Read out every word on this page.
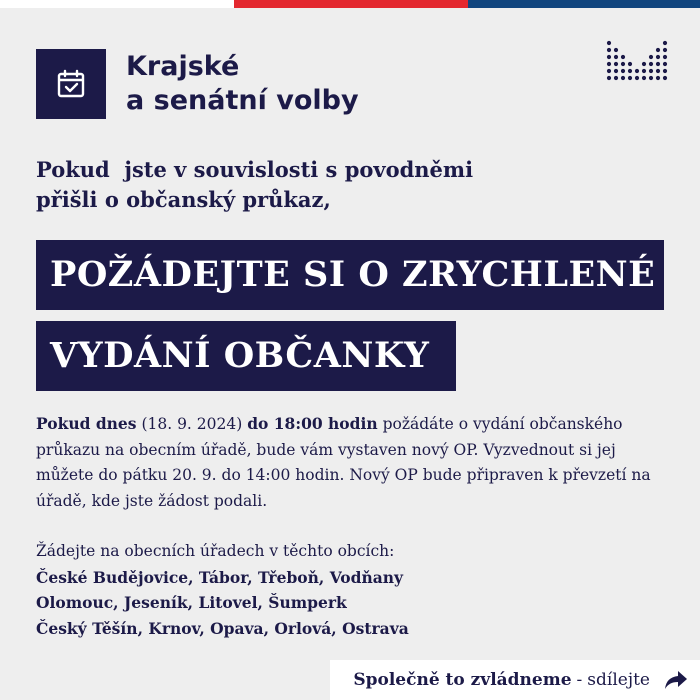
Krajské
a senátní volby
Pokud  jste v souvislosti s povodněmi
přišli o občanský průkaz,
POŽÁDEJTE SI O ZRYCHLENÉ
VYDÁNÍ OBČANKY
Pokud dnes (18. 9. 2024) do 18:00 hodin požádáte o vydání občanského průkazu na obecním úřadě, bude vám vystaven nový OP. Vyzvednout si jej můžete do pátku 20. 9. do 14:00 hodin. Nový OP bude připraven k převzetí na úřadě, kde jste žádost podali.
Žádejte na obecních úřadech v těchto obcích:
České Budějovice, Tábor, Třeboň, Vodňany
Olomouc, Jeseník, Litovel, Šumperk
Český Těšín, Krnov, Opava, Orlová, Ostrava
Společně to zvládneme - sdílejte
